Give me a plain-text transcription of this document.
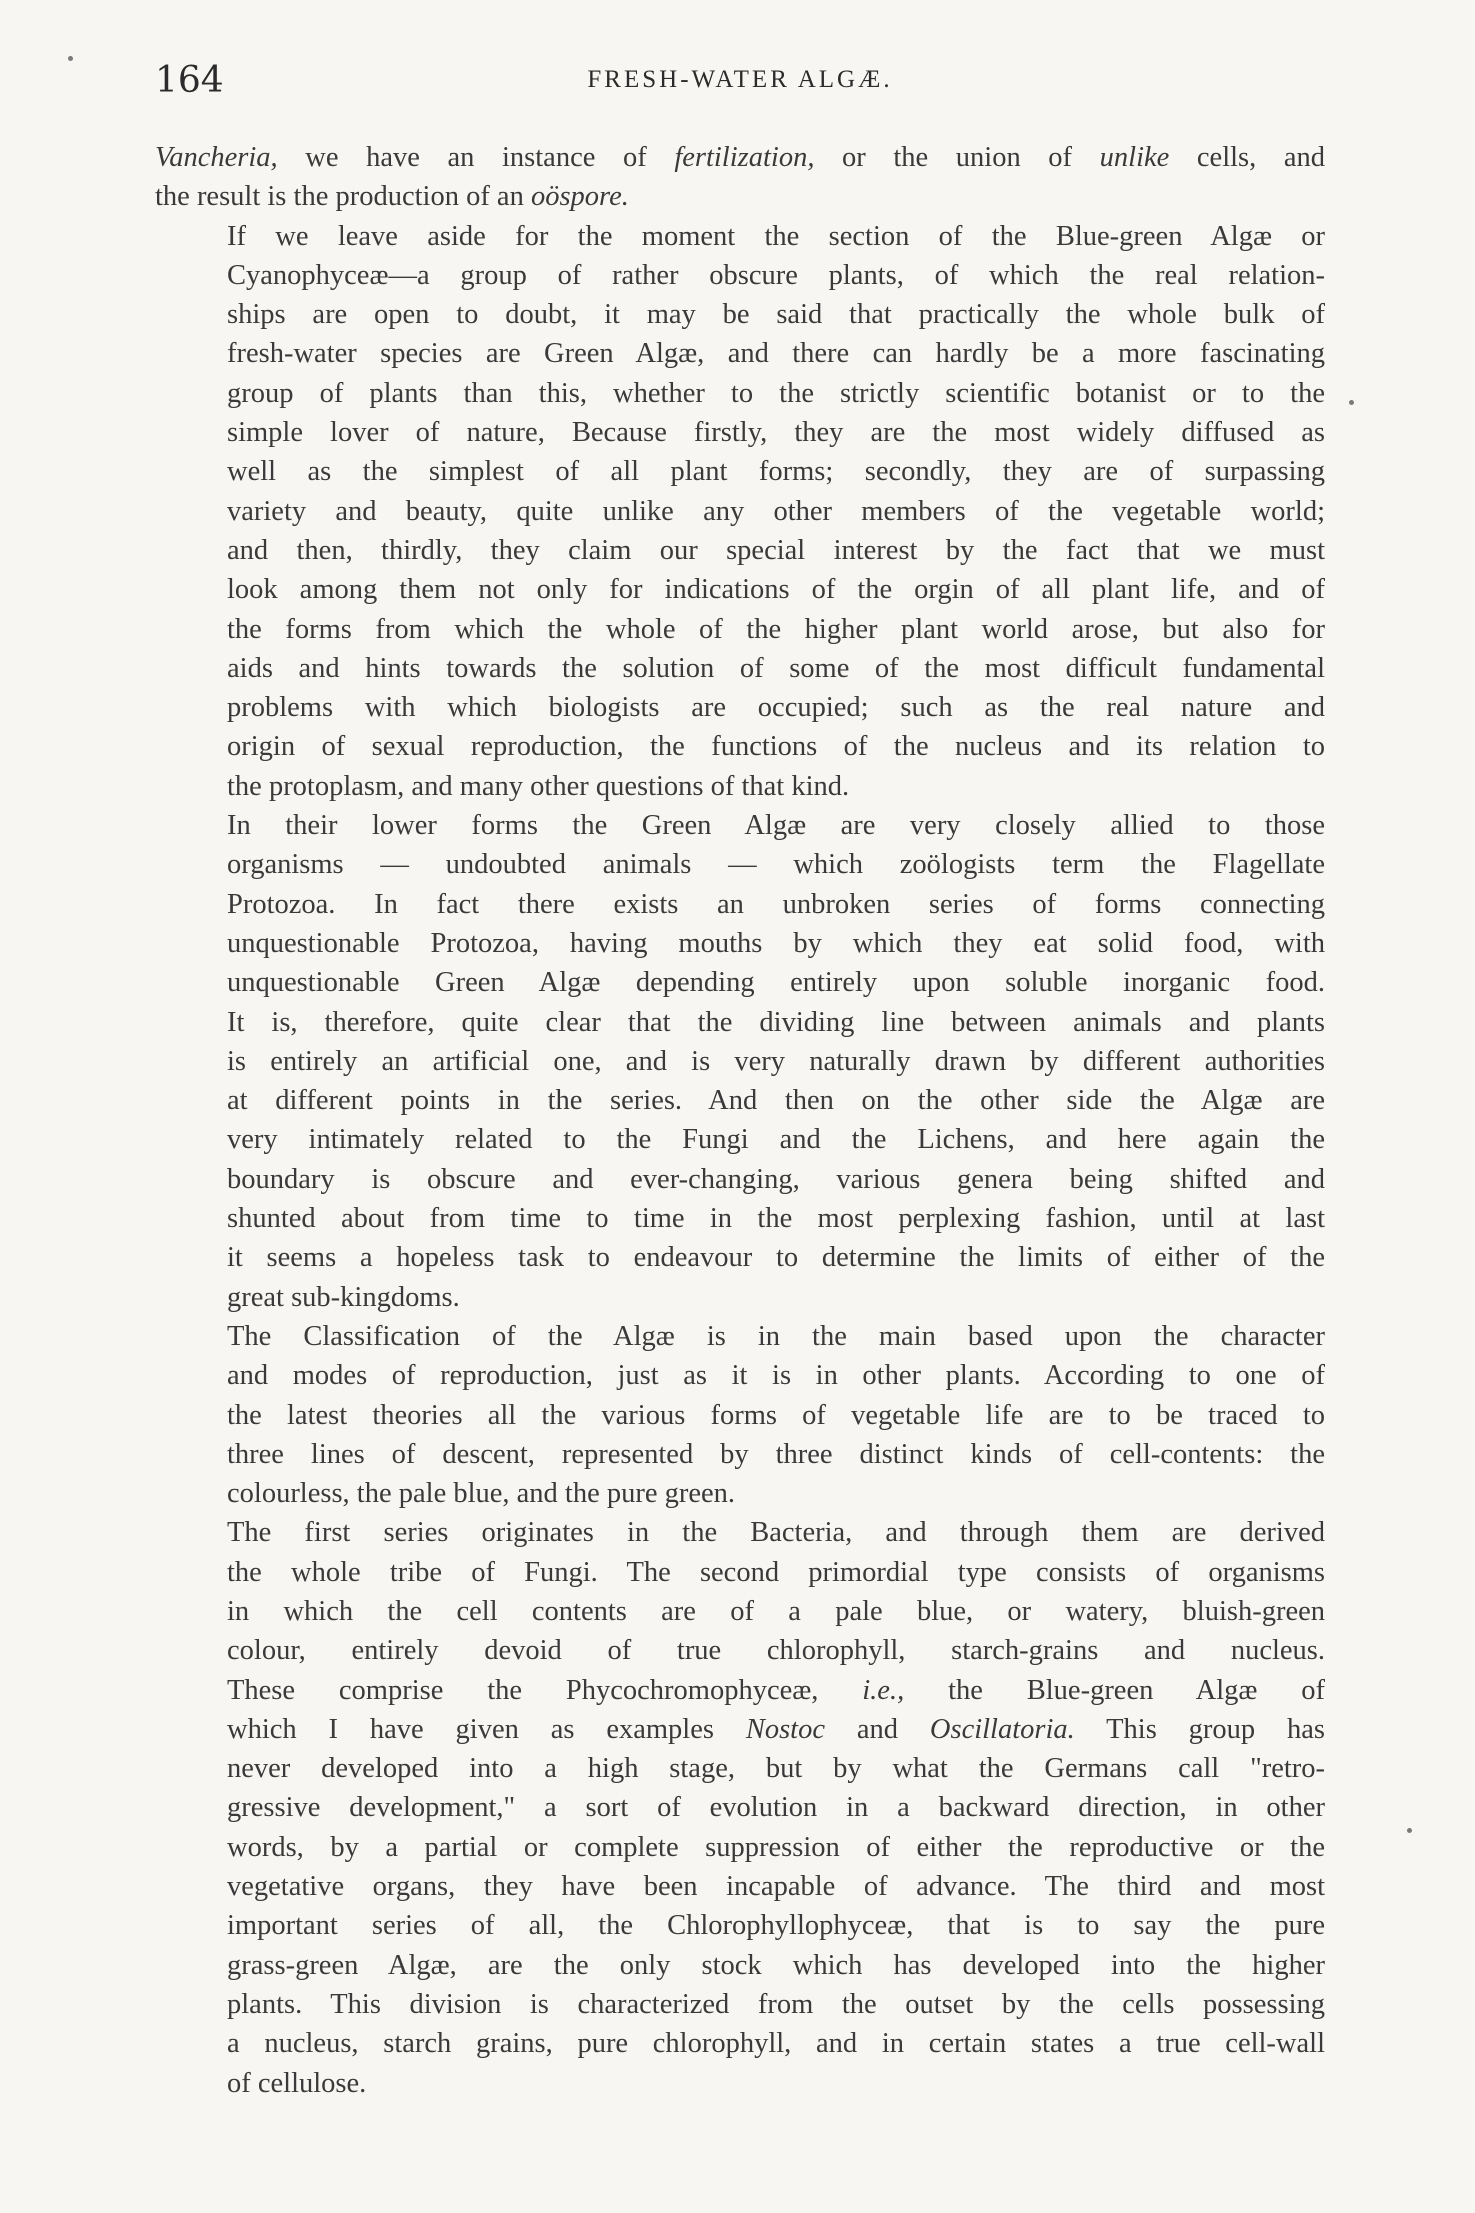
164	FRESH-WATER ALGÆ.

Vancheria, we have an instance of fertilization, or the union of unlike cells, and
the result is the production of an oöspore.

If we leave aside for the moment the section of the Blue-green Algæ or
Cyanophyceæ—a group of rather obscure plants, of which the real relation-
ships are open to doubt, it may be said that practically the whole bulk of
fresh-water species are Green Algæ, and there can hardly be a more fascinating
group of plants than this, whether to the strictly scientific botanist or to the
simple lover of nature, Because firstly, they are the most widely diffused as
well as the simplest of all plant forms; secondly, they are of surpassing
variety and beauty, quite unlike any other members of the vegetable world;
and then, thirdly, they claim our special interest by the fact that we must
look among them not only for indications of the orgin of all plant life, and of
the forms from which the whole of the higher plant world arose, but also for
aids and hints towards the solution of some of the most difficult fundamental
problems with which biologists are occupied; such as the real nature and
origin of sexual reproduction, the functions of the nucleus and its relation to
the protoplasm, and many other questions of that kind.

In their lower forms the Green Algæ are very closely allied to those
organisms — undoubted animals — which zoölogists term the Flagellate
Protozoa. In fact there exists an unbroken series of forms connecting
unquestionable Protozoa, having mouths by which they eat solid food, with
unquestionable Green Algæ depending entirely upon soluble inorganic food.
It is, therefore, quite clear that the dividing line between animals and plants
is entirely an artificial one, and is very naturally drawn by different authorities
at different points in the series. And then on the other side the Algæ are
very intimately related to the Fungi and the Lichens, and here again the
boundary is obscure and ever-changing, various genera being shifted and
shunted about from time to time in the most perplexing fashion, until at last
it seems a hopeless task to endeavour to determine the limits of either of the
great sub-kingdoms.

The Classification of the Algæ is in the main based upon the character
and modes of reproduction, just as it is in other plants. According to one of
the latest theories all the various forms of vegetable life are to be traced to
three lines of descent, represented by three distinct kinds of cell-contents: the
colourless, the pale blue, and the pure green.

The first series originates in the Bacteria, and through them are derived
the whole tribe of Fungi. The second primordial type consists of organisms
in which the cell contents are of a pale blue, or watery, bluish-green
colour, entirely devoid of true chlorophyll, starch-grains and nucleus.
These comprise the Phycochromophyceæ, i.e., the Blue-green Algæ of
which I have given as examples Nostoc and Oscillatoria. This group has
never developed into a high stage, but by what the Germans call "retro-
gressive development," a sort of evolution in a backward direction, in other
words, by a partial or complete suppression of either the reproductive or the
vegetative organs, they have been incapable of advance. The third and most
important series of all, the Chlorophyllophyceæ, that is to say the pure
grass-green Algæ, are the only stock which has developed into the higher
plants. This division is characterized from the outset by the cells possessing
a nucleus, starch grains, pure chlorophyll, and in certain states a true cell-wall
of cellulose.
